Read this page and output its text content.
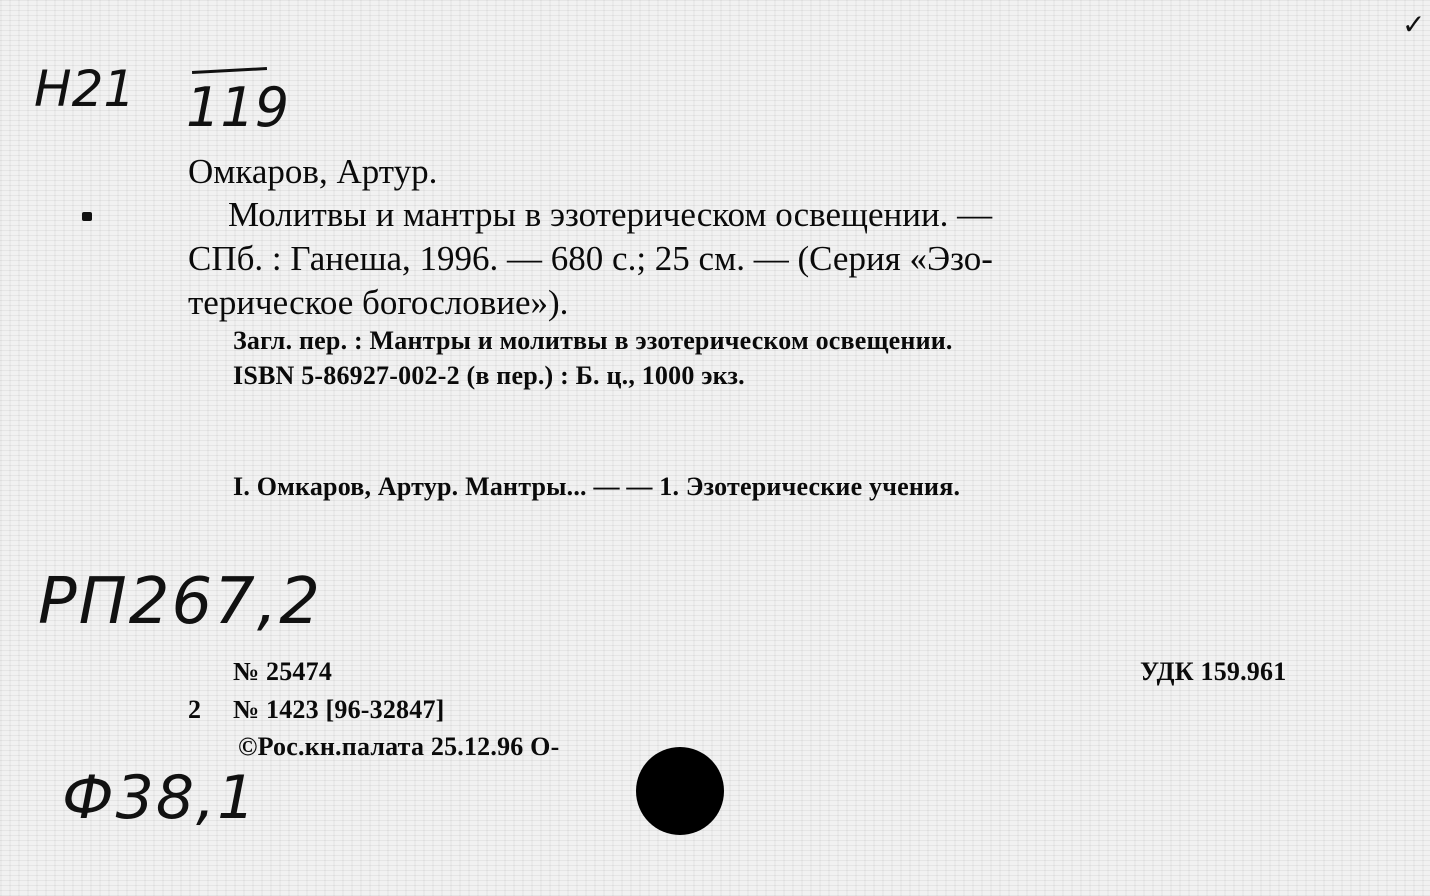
✓
Н21 119
Омкаров, Артур.
Молитвы и мантры в эзотерическом освещении. —
СПб. : Ганеша, 1996. — 680 с.; 25 см. — (Серия «Эзо-
терическое богословие»).
Загл. пер. : Мантры и молитвы в эзотерическом освещении.
ISBN 5-86927-002-2 (в пер.) : Б. ц., 1000 экз.
I. Омкаров, Артур. Мантры... — — 1. Эзотерические учения.
РП267,2
№ 25474	УДК 159.961
2 № 1423 [96-32847]
©Рос.кн.палата 25.12.96 О-
Ф38,1
